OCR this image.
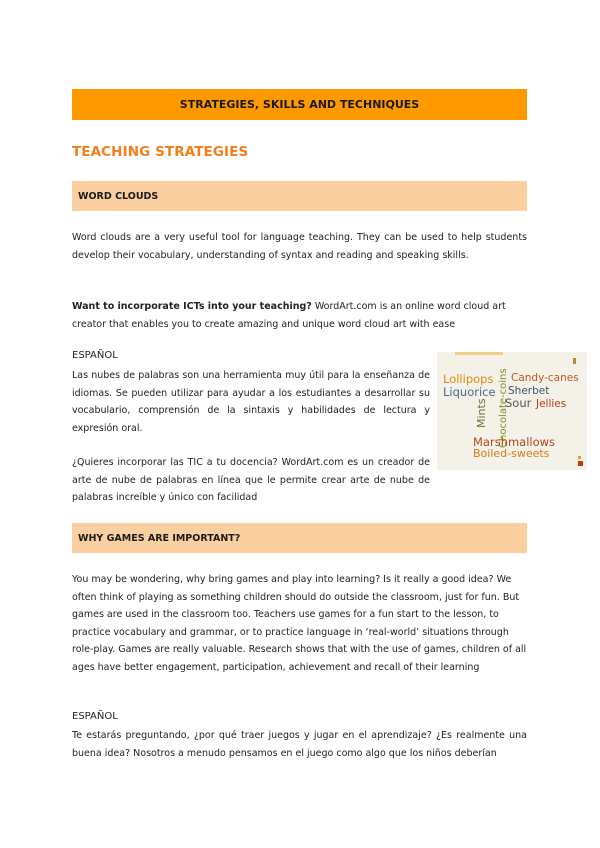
STRATEGIES, SKILLS AND TECHNIQUES
TEACHING STRATEGIES
WORD CLOUDS

Word clouds are a very useful tool for language teaching. They can be used to help students develop their vocabulary, understanding of syntax and reading and speaking skills.

Want to incorporate ICTs into your teaching? WordArt.com is an online word cloud art creator that enables you to create amazing and unique word cloud art with ease

ESPAÑOL

Las nubes de palabras son una herramienta muy útil para la enseñanza de idiomas. Se pueden utilizar para ayudar a los estudiantes a desarrollar su vocabulario, comprensión de la sintaxis y habilidades de lectura y expresión oral.

¿Quieres incorporar las TIC a tu docencia? WordArt.com es un creador de arte de nube de palabras en línea que le permite crear arte de nube de palabras increíble y único con facilidad

Lollipops
Liquorice
Mints Chocolate-coins Candy-canes
Sherbet
Sour Jellies
Marshmallows
Boiled-sweets
WHY GAMES ARE IMPORTANT?

You may be wondering, why bring games and play into learning? Is it really a good idea? We often think of playing as something children should do outside the classroom, just for fun. But games are used in the classroom too. Teachers use games for a fun start to the lesson, to practice vocabulary and grammar, or to practice language in ‘real-world’ situations through role-play. Games are really valuable. Research shows that with the use of games, children of all ages have better engagement, participation, achievement and recall of their learning

ESPAÑOL

Te estarás preguntando, ¿por qué traer juegos y jugar en el aprendizaje? ¿Es realmente una buena idea? Nosotros a menudo pensamos en el juego como algo que los niños deberían
